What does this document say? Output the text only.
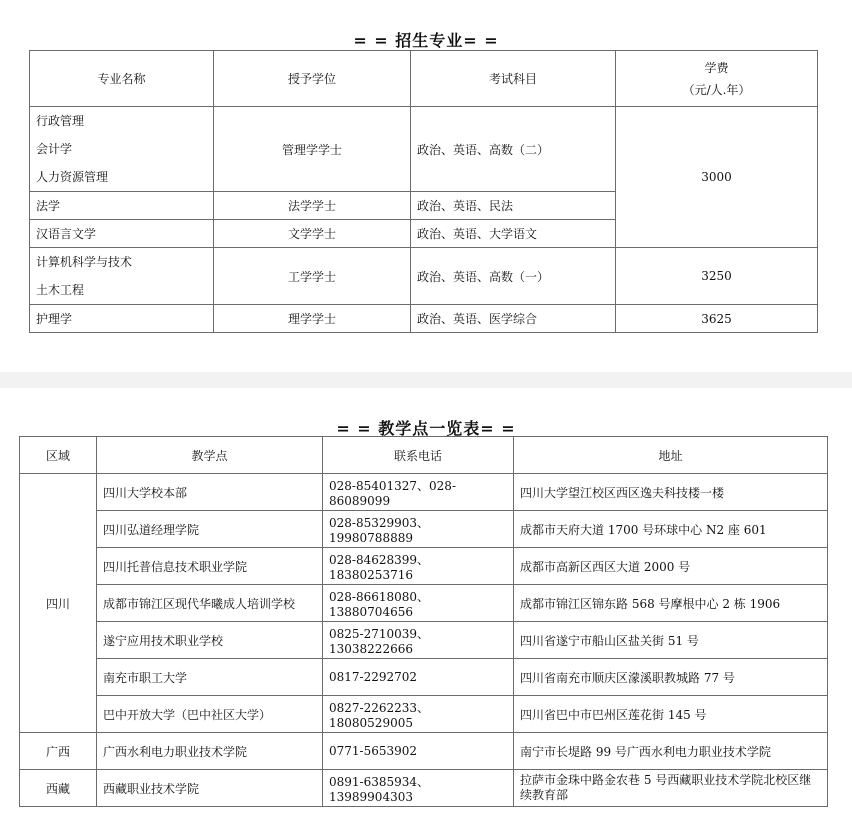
= = 招生专业= =
专业名称	授予学位	考试科目	学费
（元/人.年）

行政管理
会计学
人力资源管理	管理学学士	政治、英语、高数（二）	3000
法学	法学学士	政治、英语、民法	
汉语言文学	文学学士	政治、英语、大学语文	

计算机科学与技术
土木工程	工学学士	政治、英语、高数（一）	3250
护理学	理学学士	政治、英语、医学综合	3625
= = 教学点一览表= =
区域	教学点	联系电话	地址
四川	四川大学校本部	028-85401327、028-86089099	四川大学望江校区西区逸夫科技楼一楼
	四川弘道经理学院	028-85329903、19980788889	成都市天府大道 1700 号环球中心 N2 座 601
	四川托普信息技术职业学院	028-84628399、18380253716	成都市高新区西区大道 2000 号
	成都市锦江区现代华曦成人培训学校	028-86618080、13880704656	成都市锦江区锦东路 568 号摩根中心 2 栋 1906
	遂宁应用技术职业学校	0825-2710039、13038222666	四川省遂宁市船山区盐关街 51 号
	南充市职工大学	0817-2292702	四川省南充市顺庆区濛溪职教城路 77 号
	巴中开放大学（巴中社区大学）	0827-2262233、18080529005	四川省巴中市巴州区莲花街 145 号
广西	广西水利电力职业技术学院	0771-5653902	南宁市长堤路 99 号广西水利电力职业技术学院
西藏	西藏职业技术学院	0891-6385934、13989904303	拉萨市金珠中路金农巷 5 号西藏职业技术学院北校区继续教育部
